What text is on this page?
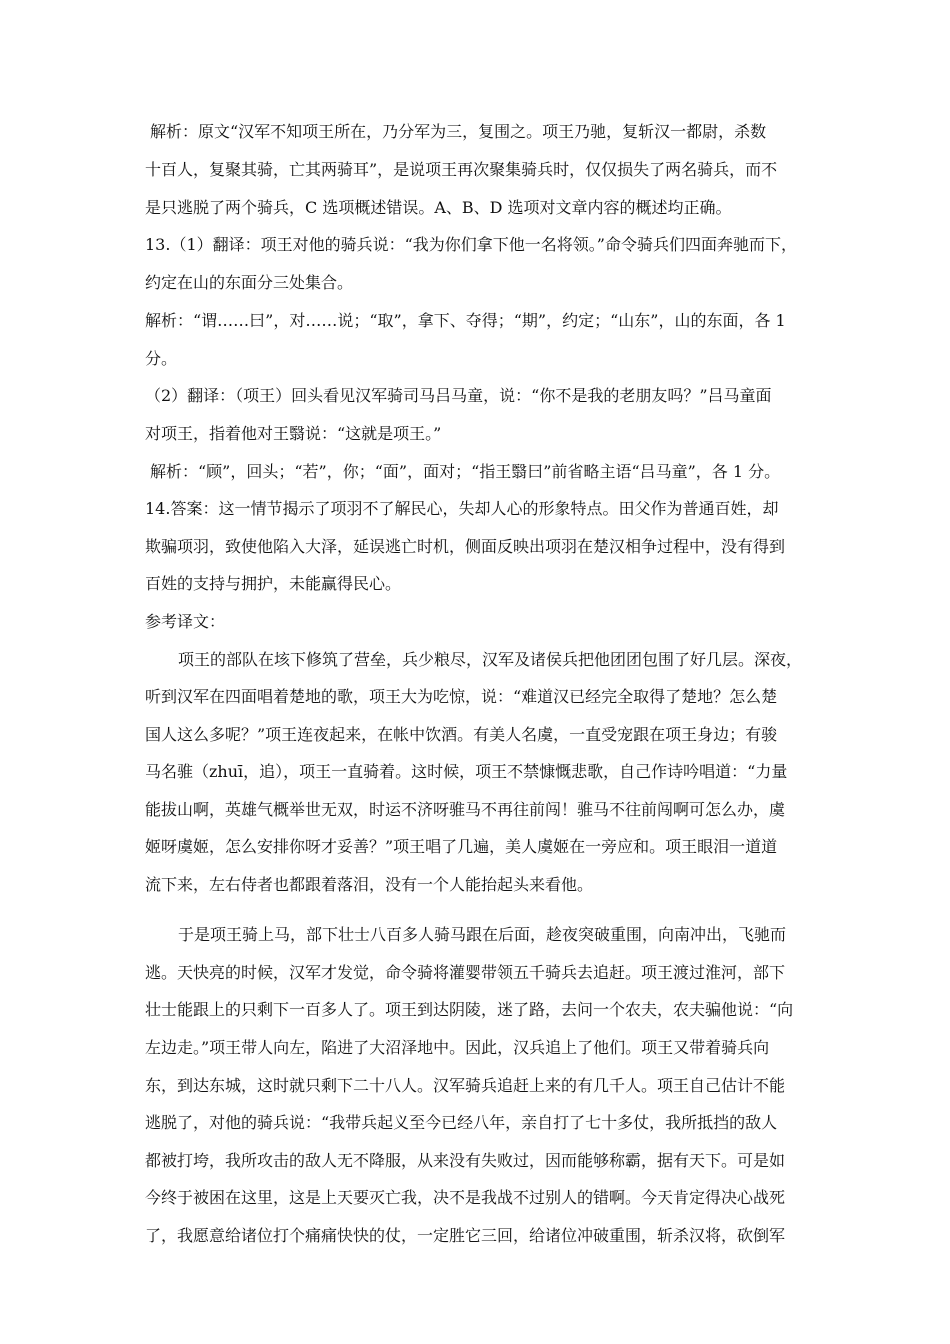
解析：原文“汉军不知项王所在，乃分军为三，复围之。项王乃驰，复斩汉一都尉，杀数
十百人，复聚其骑，亡其两骑耳”，是说项王再次聚集骑兵时，仅仅损失了两名骑兵，而不
是只逃脱了两个骑兵，C 选项概述错误。A、B、D 选项对文章内容的概述均正确。
13.（1）翻译：项王对他的骑兵说：“我为你们拿下他一名将领。”命令骑兵们四面奔驰而下，
约定在山的东面分三处集合。
解析：“谓……曰”，对……说；“取”，拿下、夺得；“期”，约定；“山东”，山的东面，各 1
分。
（2）翻译：（项王）回头看见汉军骑司马吕马童，说：“你不是我的老朋友吗？”吕马童面
对项王，指着他对王翳说：“这就是项王。”
解析：“顾”，回头；“若”，你；“面”，面对；“指王翳曰”前省略主语“吕马童”，各 1 分。
14.答案：这一情节揭示了项羽不了解民心，失却人心的形象特点。田父作为普通百姓，却
欺骗项羽，致使他陷入大泽，延误逃亡时机，侧面反映出项羽在楚汉相争过程中，没有得到
百姓的支持与拥护，未能赢得民心。
参考译文：
项王的部队在垓下修筑了营垒，兵少粮尽，汉军及诸侯兵把他团团包围了好几层。深夜，
听到汉军在四面唱着楚地的歌，项王大为吃惊，说：“难道汉已经完全取得了楚地？怎么楚
国人这么多呢？”项王连夜起来，在帐中饮酒。有美人名虞，一直受宠跟在项王身边；有骏
马名骓（zhuī，追），项王一直骑着。这时候，项王不禁慷慨悲歌，自己作诗吟唱道：“力量
能拔山啊，英雄气概举世无双，时运不济呀骓马不再往前闯！骓马不往前闯啊可怎么办，虞
姬呀虞姬，怎么安排你呀才妥善？”项王唱了几遍，美人虞姬在一旁应和。项王眼泪一道道
流下来，左右侍者也都跟着落泪，没有一个人能抬起头来看他。
于是项王骑上马，部下壮士八百多人骑马跟在后面，趁夜突破重围，向南冲出，飞驰而
逃。天快亮的时候，汉军才发觉，命令骑将灌婴带领五千骑兵去追赶。项王渡过淮河，部下
壮士能跟上的只剩下一百多人了。项王到达阴陵，迷了路，去问一个农夫，农夫骗他说：“向
左边走。”项王带人向左，陷进了大沼泽地中。因此，汉兵追上了他们。项王又带着骑兵向
东，到达东城，这时就只剩下二十八人。汉军骑兵追赶上来的有几千人。项王自己估计不能
逃脱了，对他的骑兵说：“我带兵起义至今已经八年，亲自打了七十多仗，我所抵挡的敌人
都被打垮，我所攻击的敌人无不降服，从来没有失败过，因而能够称霸，据有天下。可是如
今终于被困在这里，这是上天要灭亡我，决不是我战不过别人的错啊。今天肯定得决心战死
了，我愿意给诸位打个痛痛快快的仗，一定胜它三回，给诸位冲破重围，斩杀汉将，砍倒军
